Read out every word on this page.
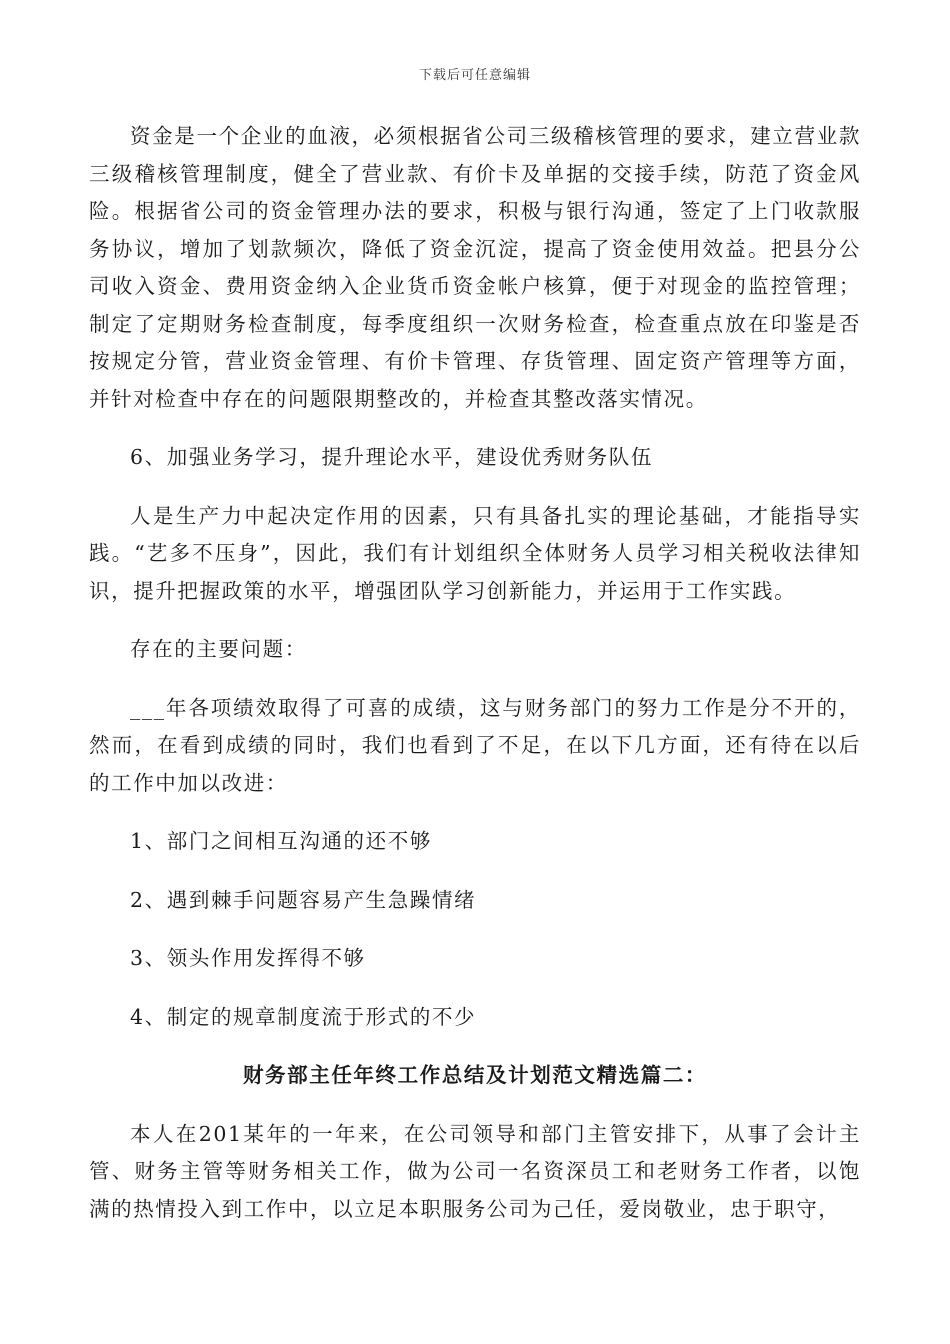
下载后可任意编辑

资金是一个企业的血液，必须根据省公司三级稽核管理的要求，建立营业款三级稽核管理制度，健全了营业款、有价卡及单据的交接手续，防范了资金风险。根据省公司的资金管理办法的要求，积极与银行沟通，签定了上门收款服务协议，增加了划款频次，降低了资金沉淀，提高了资金使用效益。把县分公司收入资金、费用资金纳入企业货币资金帐户核算，便于对现金的监控管理；制定了定期财务检查制度，每季度组织一次财务检查，检查重点放在印鉴是否按规定分管，营业资金管理、有价卡管理、存货管理、固定资产管理等方面，并针对检查中存在的问题限期整改的，并检查其整改落实情况。

6、加强业务学习，提升理论水平，建设优秀财务队伍

人是生产力中起决定作用的因素，只有具备扎实的理论基础，才能指导实践。“艺多不压身”，因此，我们有计划组织全体财务人员学习相关税收法律知识，提升把握政策的水平，增强团队学习创新能力，并运用于工作实践。

存在的主要问题：

___年各项绩效取得了可喜的成绩，这与财务部门的努力工作是分不开的，然而，在看到成绩的同时，我们也看到了不足，在以下几方面，还有待在以后的工作中加以改进：

1、部门之间相互沟通的还不够

2、遇到棘手问题容易产生急躁情绪

3、领头作用发挥得不够

4、制定的规章制度流于形式的不少

财务部主任年终工作总结及计划范文精选篇二：

本人在201某年的一年来，在公司领导和部门主管安排下，从事了会计主管、财务主管等财务相关工作，做为公司一名资深员工和老财务工作者，以饱满的热情投入到工作中，以立足本职服务公司为己任，爱岗敬业，忠于职守，
